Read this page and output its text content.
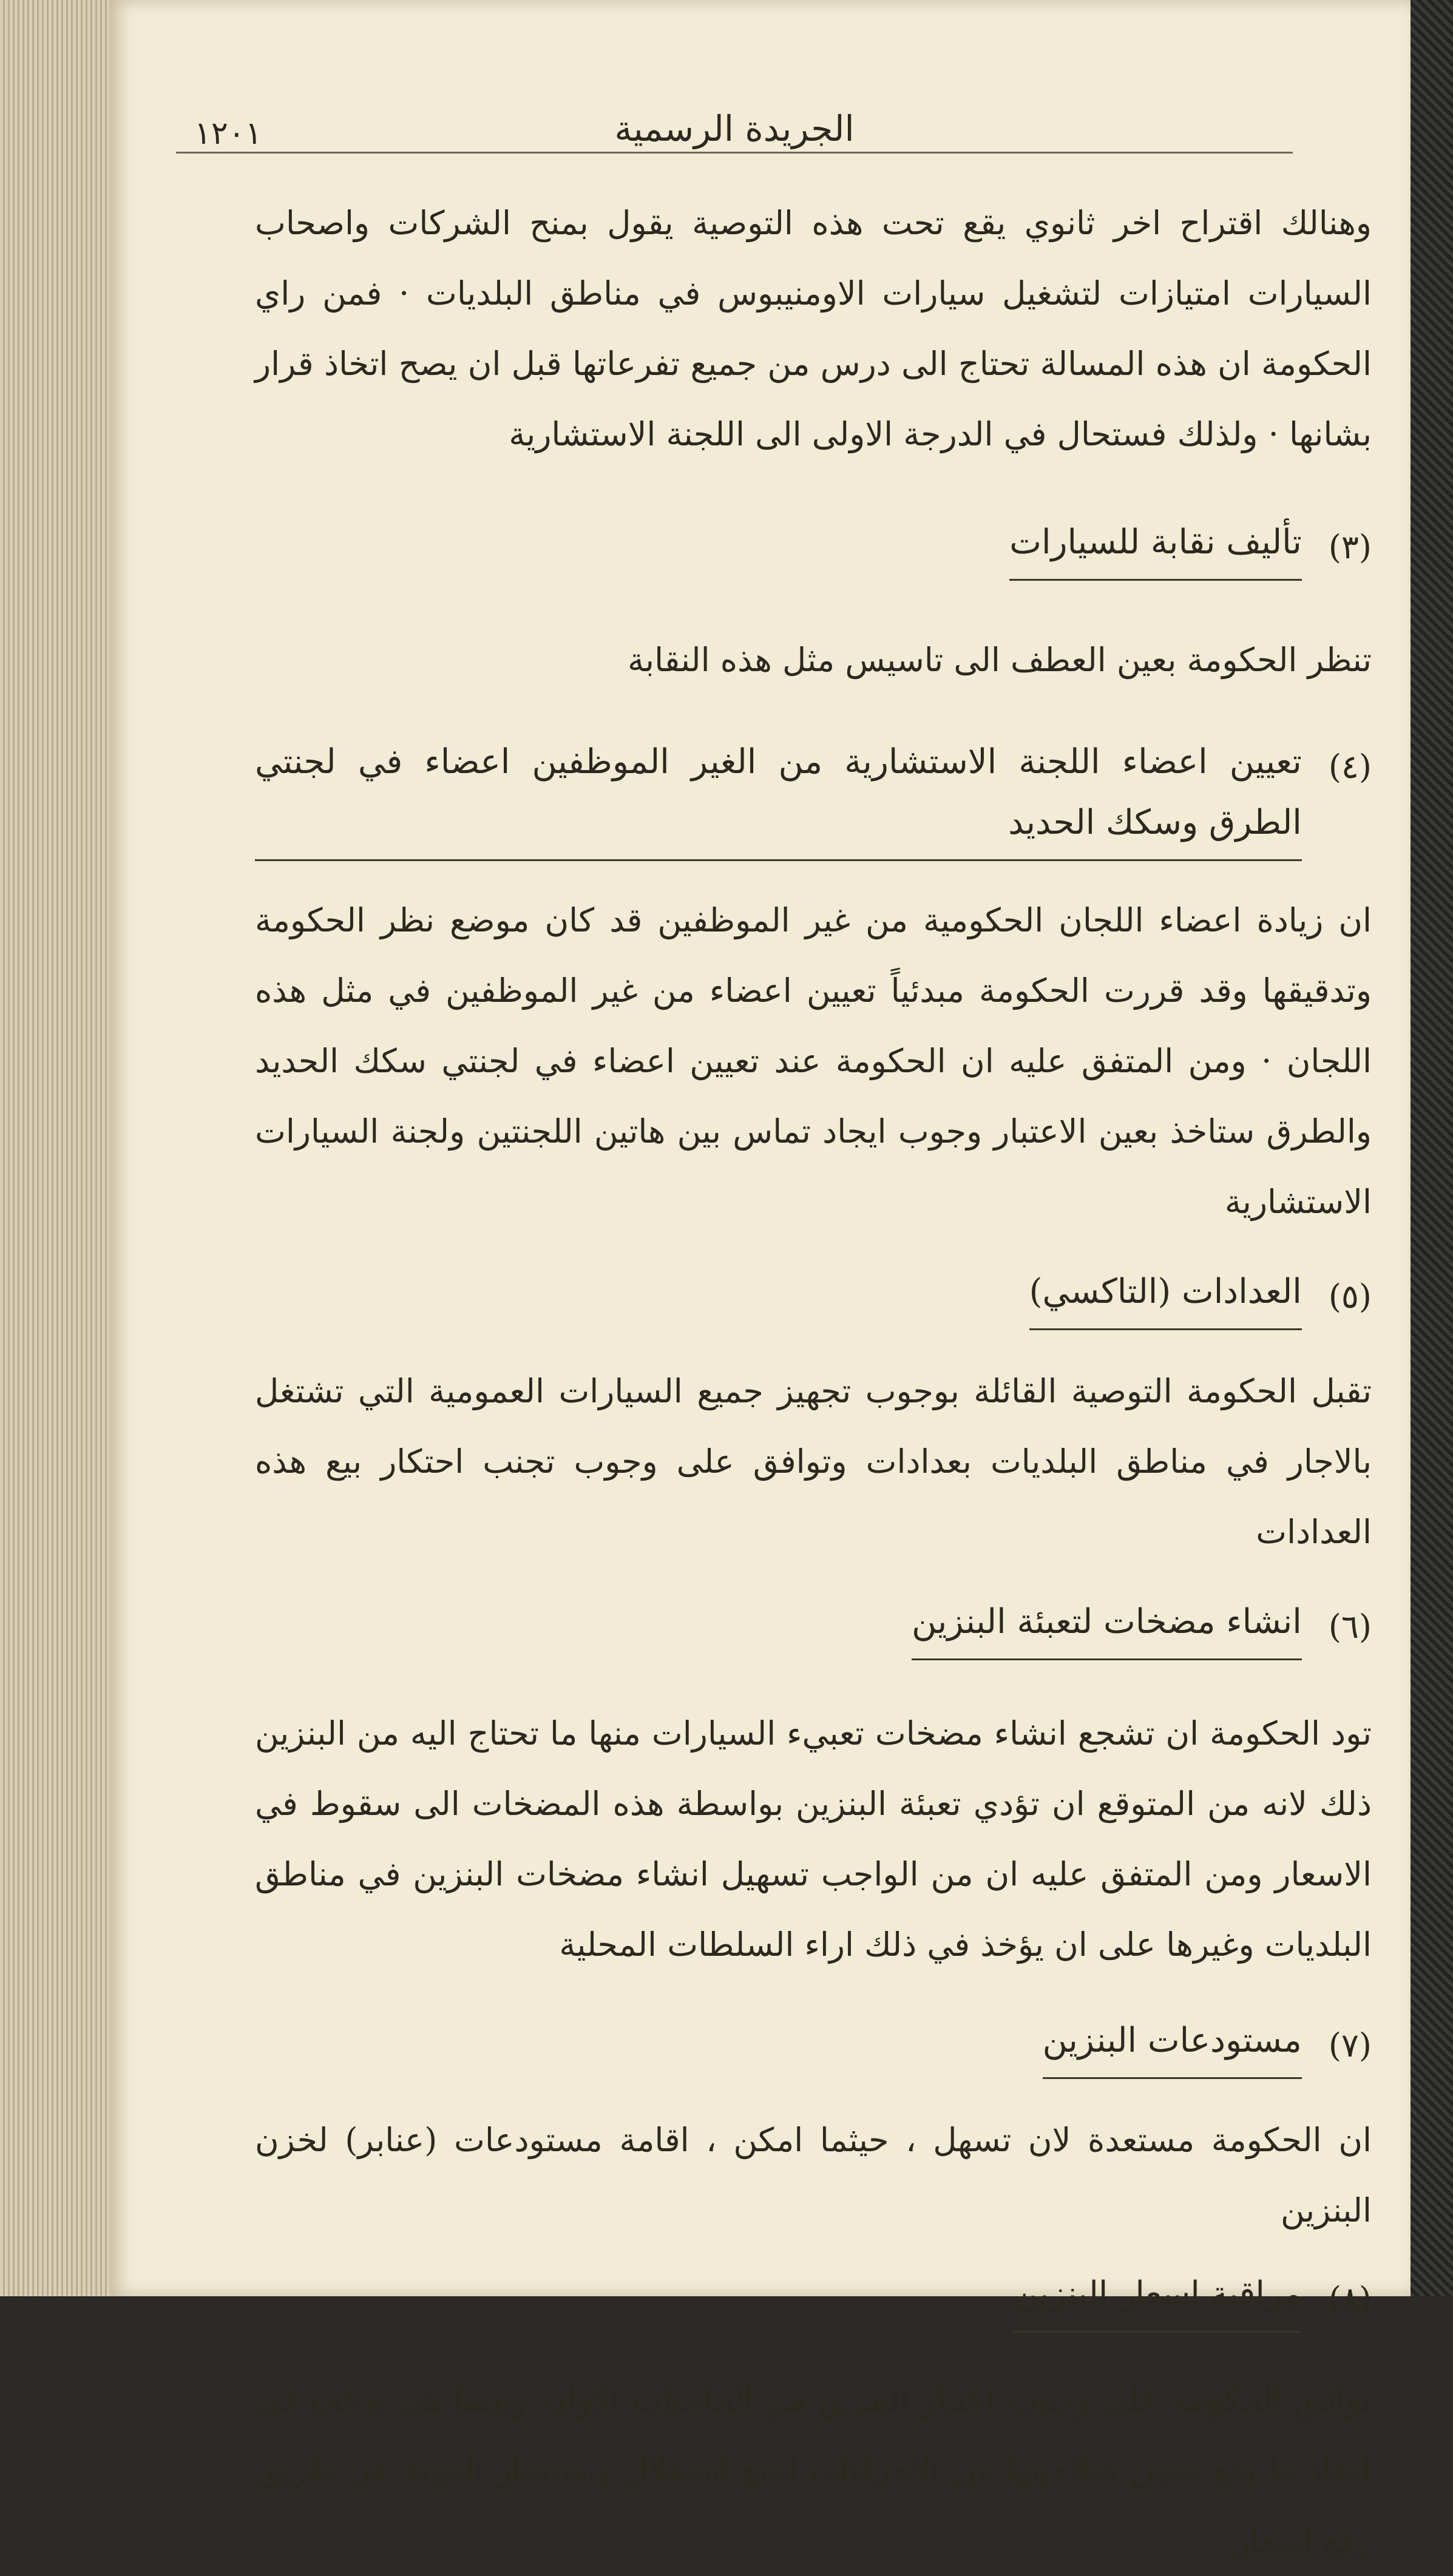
١٢٠١	الجريدة الرسمية

وهنالك اقتراح اخر ثانوي يقع تحت هذه التوصية يقول بمنح الشركات واصحاب السيارات امتيازات لتشغيل سيارات الاومنيبوس في مناطق البلديات · فمن راي الحكومة ان هذه المسالة تحتاج الى درس من جميع تفرعاتها قبل ان يصح اتخاذ قرار بشانها · ولذلك فستحال في الدرجة الاولى الى اللجنة الاستشارية

(٣)
تأليف نقابة للسيارات

تنظر الحكومة بعين العطف الى تاسيس مثل هذه النقابة

(٤)
تعيين اعضاء اللجنة الاستشارية من الغير الموظفين اعضاء في لجنتي الطرق وسكك الحديد

ان زيادة اعضاء اللجان الحكومية من غير الموظفين قد كان موضع نظر الحكومة وتدقيقها وقد قررت الحكومة مبدئياً تعيين اعضاء من غير الموظفين في مثل هذه اللجان · ومن المتفق عليه ان الحكومة عند تعيين اعضاء في لجنتي سكك الحديد والطرق ستاخذ بعين الاعتبار وجوب ايجاد تماس بين هاتين اللجنتين ولجنة السيارات الاستشارية

(٥)
العدادات (التاكسي)

تقبل الحكومة التوصية القائلة بوجوب تجهيز جميع السيارات العمومية التي تشتغل بالاجار في مناطق البلديات بعدادات وتوافق على وجوب تجنب احتكار بيع هذه العدادات

(٦)
انشاء مضخات لتعبئة البنزين

تود الحكومة ان تشجع انشاء مضخات تعبيء السيارات منها ما تحتاج اليه من البنزين ذلك لانه من المتوقع ان تؤدي تعبئة البنزين بواسطة هذه المضخات الى سقوط في الاسعار ومن المتفق عليه ان من الواجب تسهيل انشاء مضخات البنزين في مناطق البلديات وغيرها على ان يؤخذ في ذلك اراء السلطات المحلية

(٧)
مستودعات البنزين

ان الحكومة مستعدة لان تسهل ، حيثما امكن ، اقامة مستودعات (عنابر) لخزن البنزين

(٨)
مراقبة اسعار البنزين

توافق الحكومة على وجوب اعتبار البنزين من الحاجيات الاولية وبينما هي ترغب في اتخاذ ما يقع ضمن صلاحيتها من الاجراءات لمنع استغلال واستثمار المهنة عن طريق رفع اسعار
